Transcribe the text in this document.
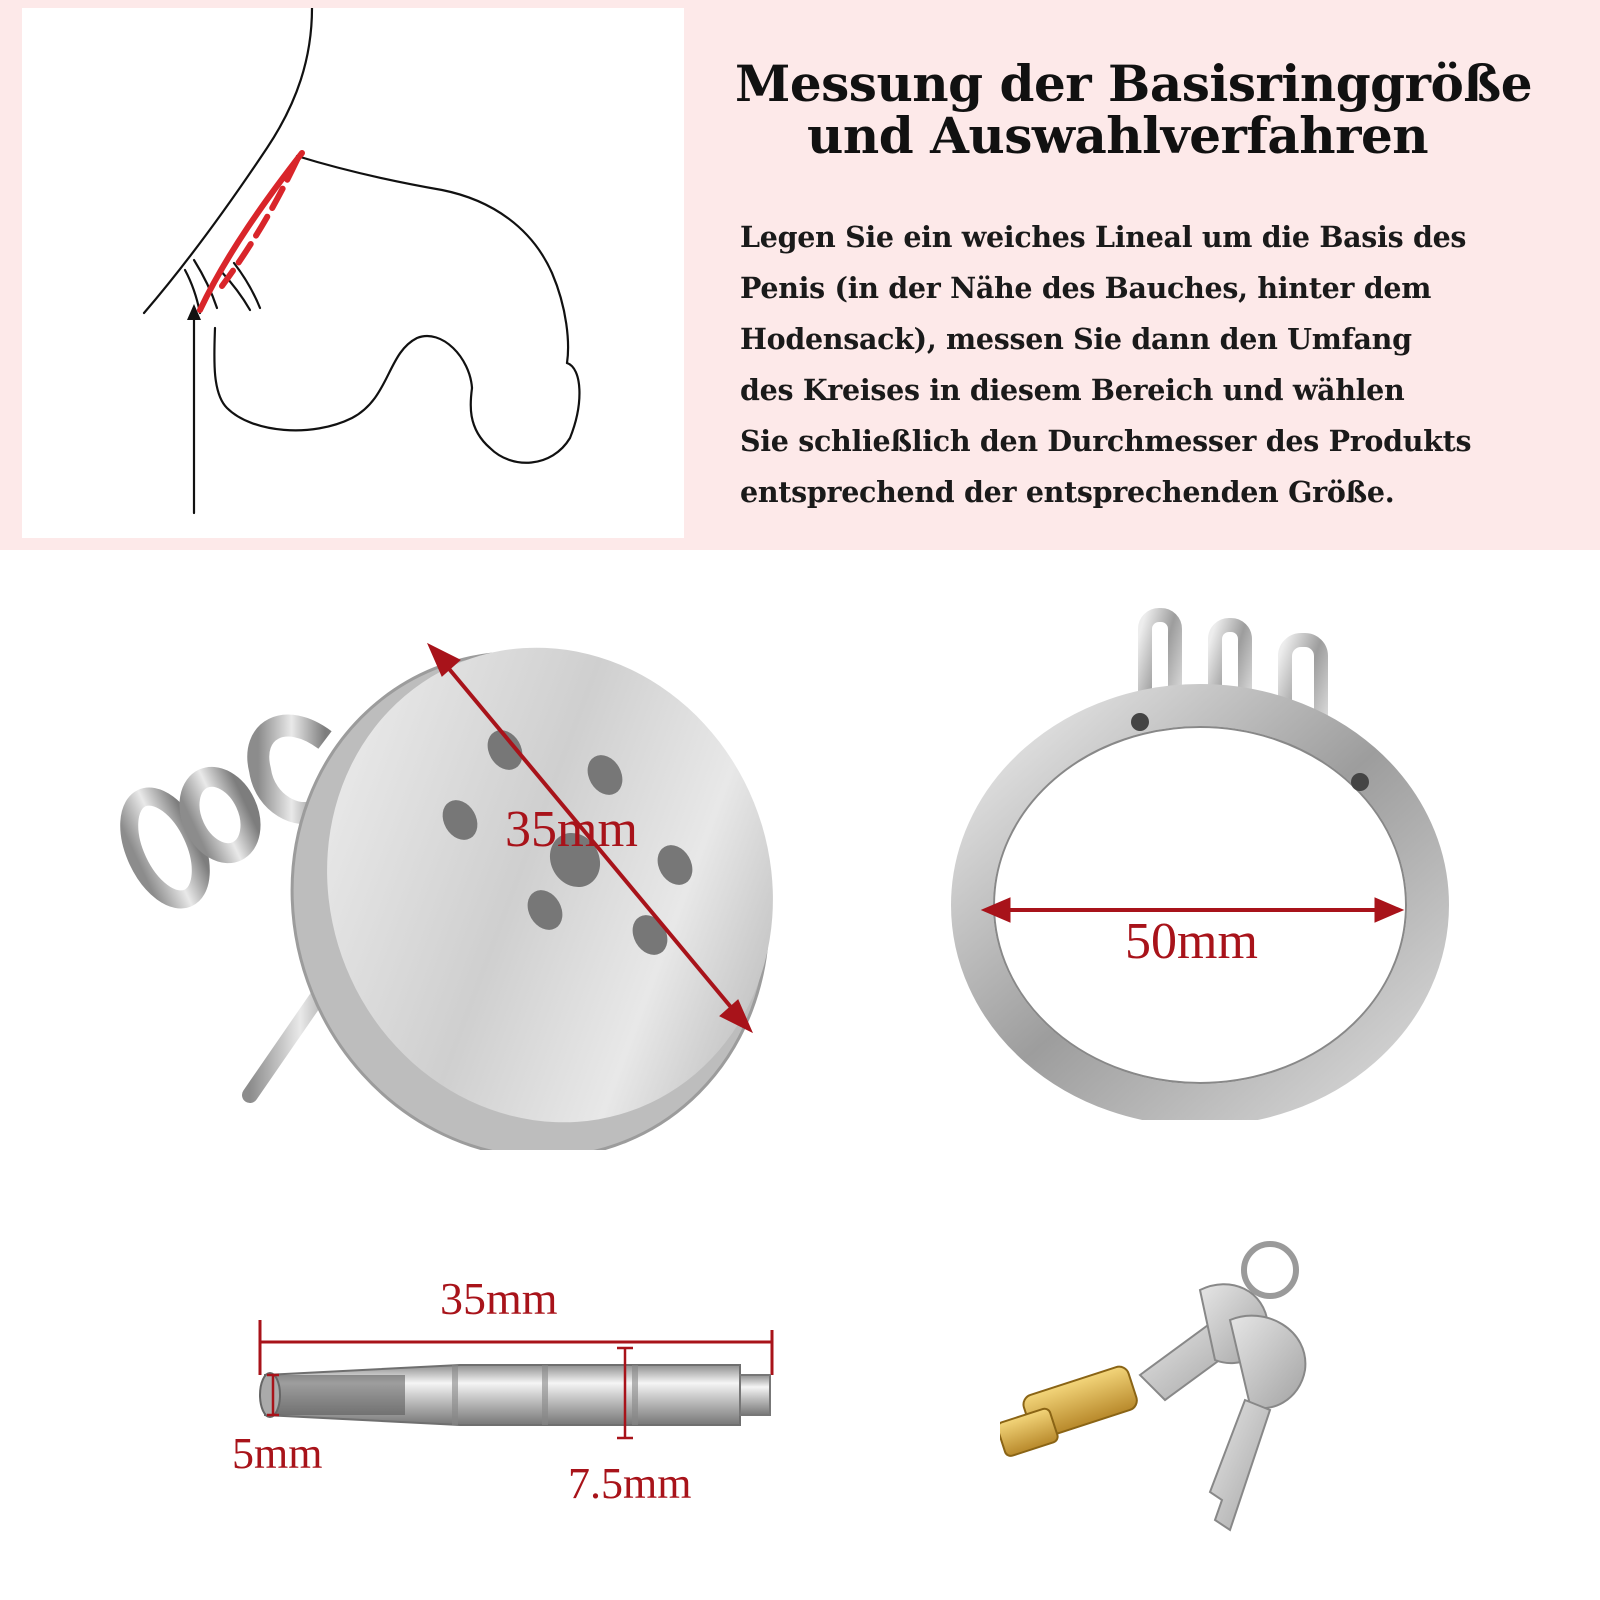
Messung der Basisringgröße
und Auswahlverfahren

Legen Sie ein weiches Lineal um die Basis des
Penis (in der Nähe des Bauches, hinter dem
Hodensack), messen Sie dann den Umfang
des Kreises in diesem Bereich und wählen
Sie schließlich den Durchmesser des Produkts
entsprechend der entsprechenden Größe.

35mm
50mm
35mm
5mm
7.5mm
